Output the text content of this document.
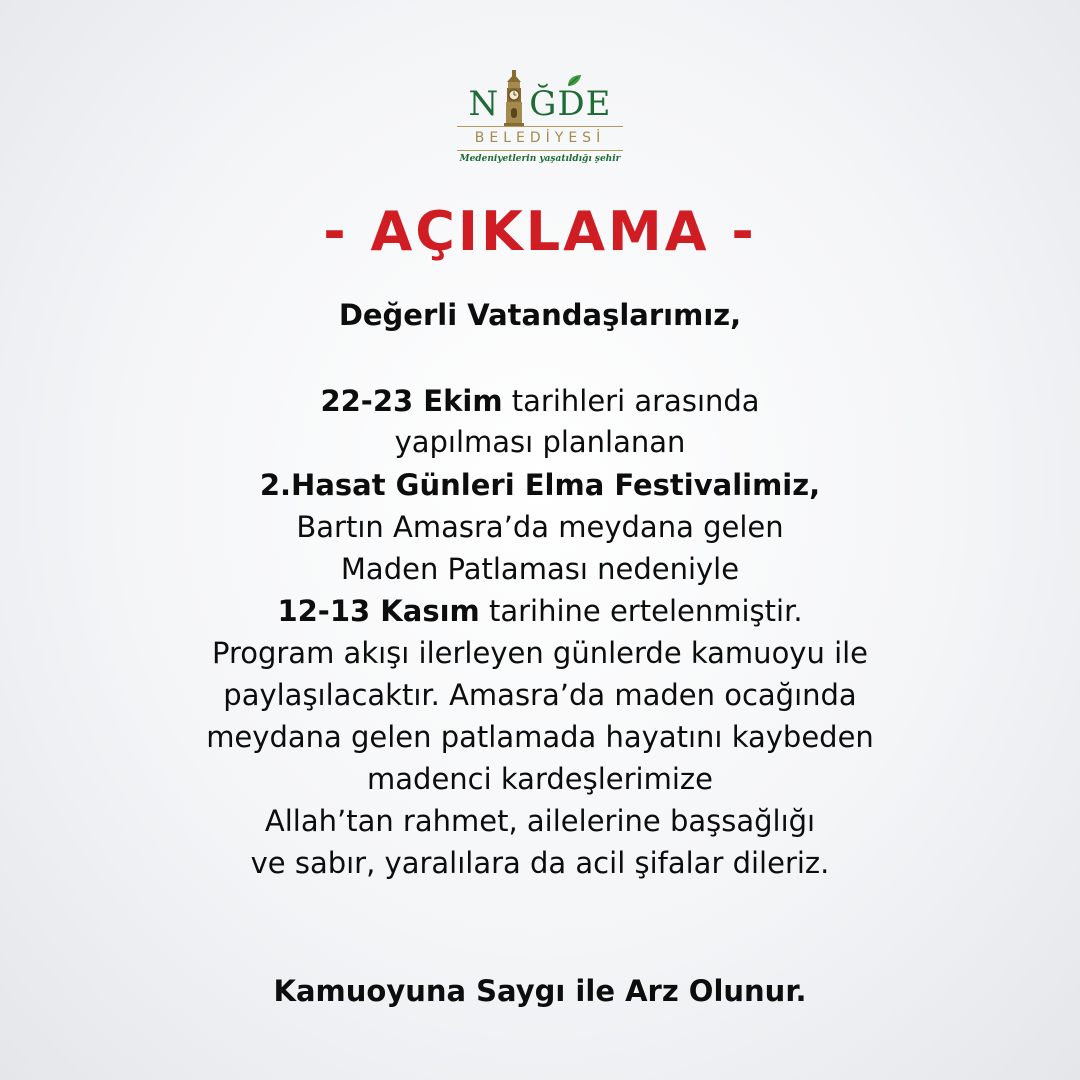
N ĞDE
BELEDİYESİ
Medeniyetlerin yaşatıldığı şehir
- AÇIKLAMA -
Değerli Vatandaşlarımız,
22-23 Ekim tarihleri arasında
yapılması planlanan
2.Hasat Günleri Elma Festivalimiz,
Bartın Amasra’da meydana gelen
Maden Patlaması nedeniyle
12-13 Kasım tarihine ertelenmiştir.
Program akışı ilerleyen günlerde kamuoyu ile
paylaşılacaktır. Amasra’da maden ocağında
meydana gelen patlamada hayatını kaybeden
madenci kardeşlerimize
Allah’tan rahmet, ailelerine başsağlığı
ve sabır, yaralılara da acil şifalar dileriz.
Kamuoyuna Saygı ile Arz Olunur.
